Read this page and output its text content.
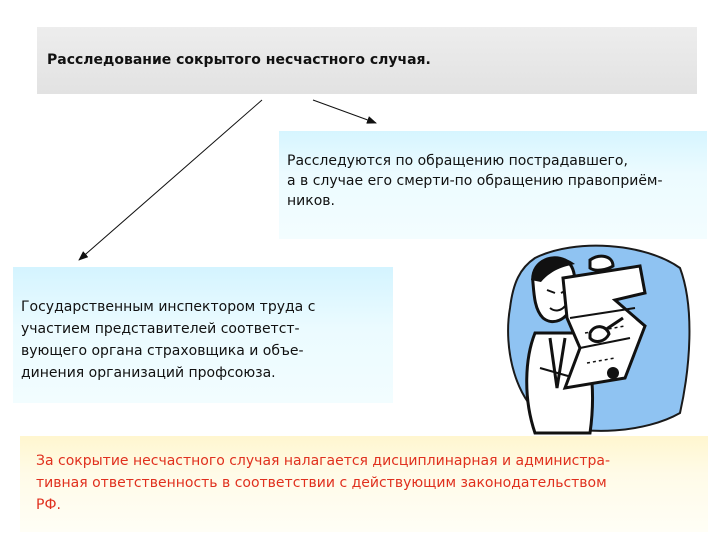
Расследование сокрытого несчастного случая.
Расследуются по обращению пострадавшего,
а в случае его смерти-по обращению правоприём-
ников.
Государственным инспектором труда с
участием представителей соответст-
вующего органа страховщика и объе-
динения организаций профсоюза.
За сокрытие несчастного случая налагается дисциплинарная и администра-
тивная ответственность в соответствии с действующим законодательством
РФ.
